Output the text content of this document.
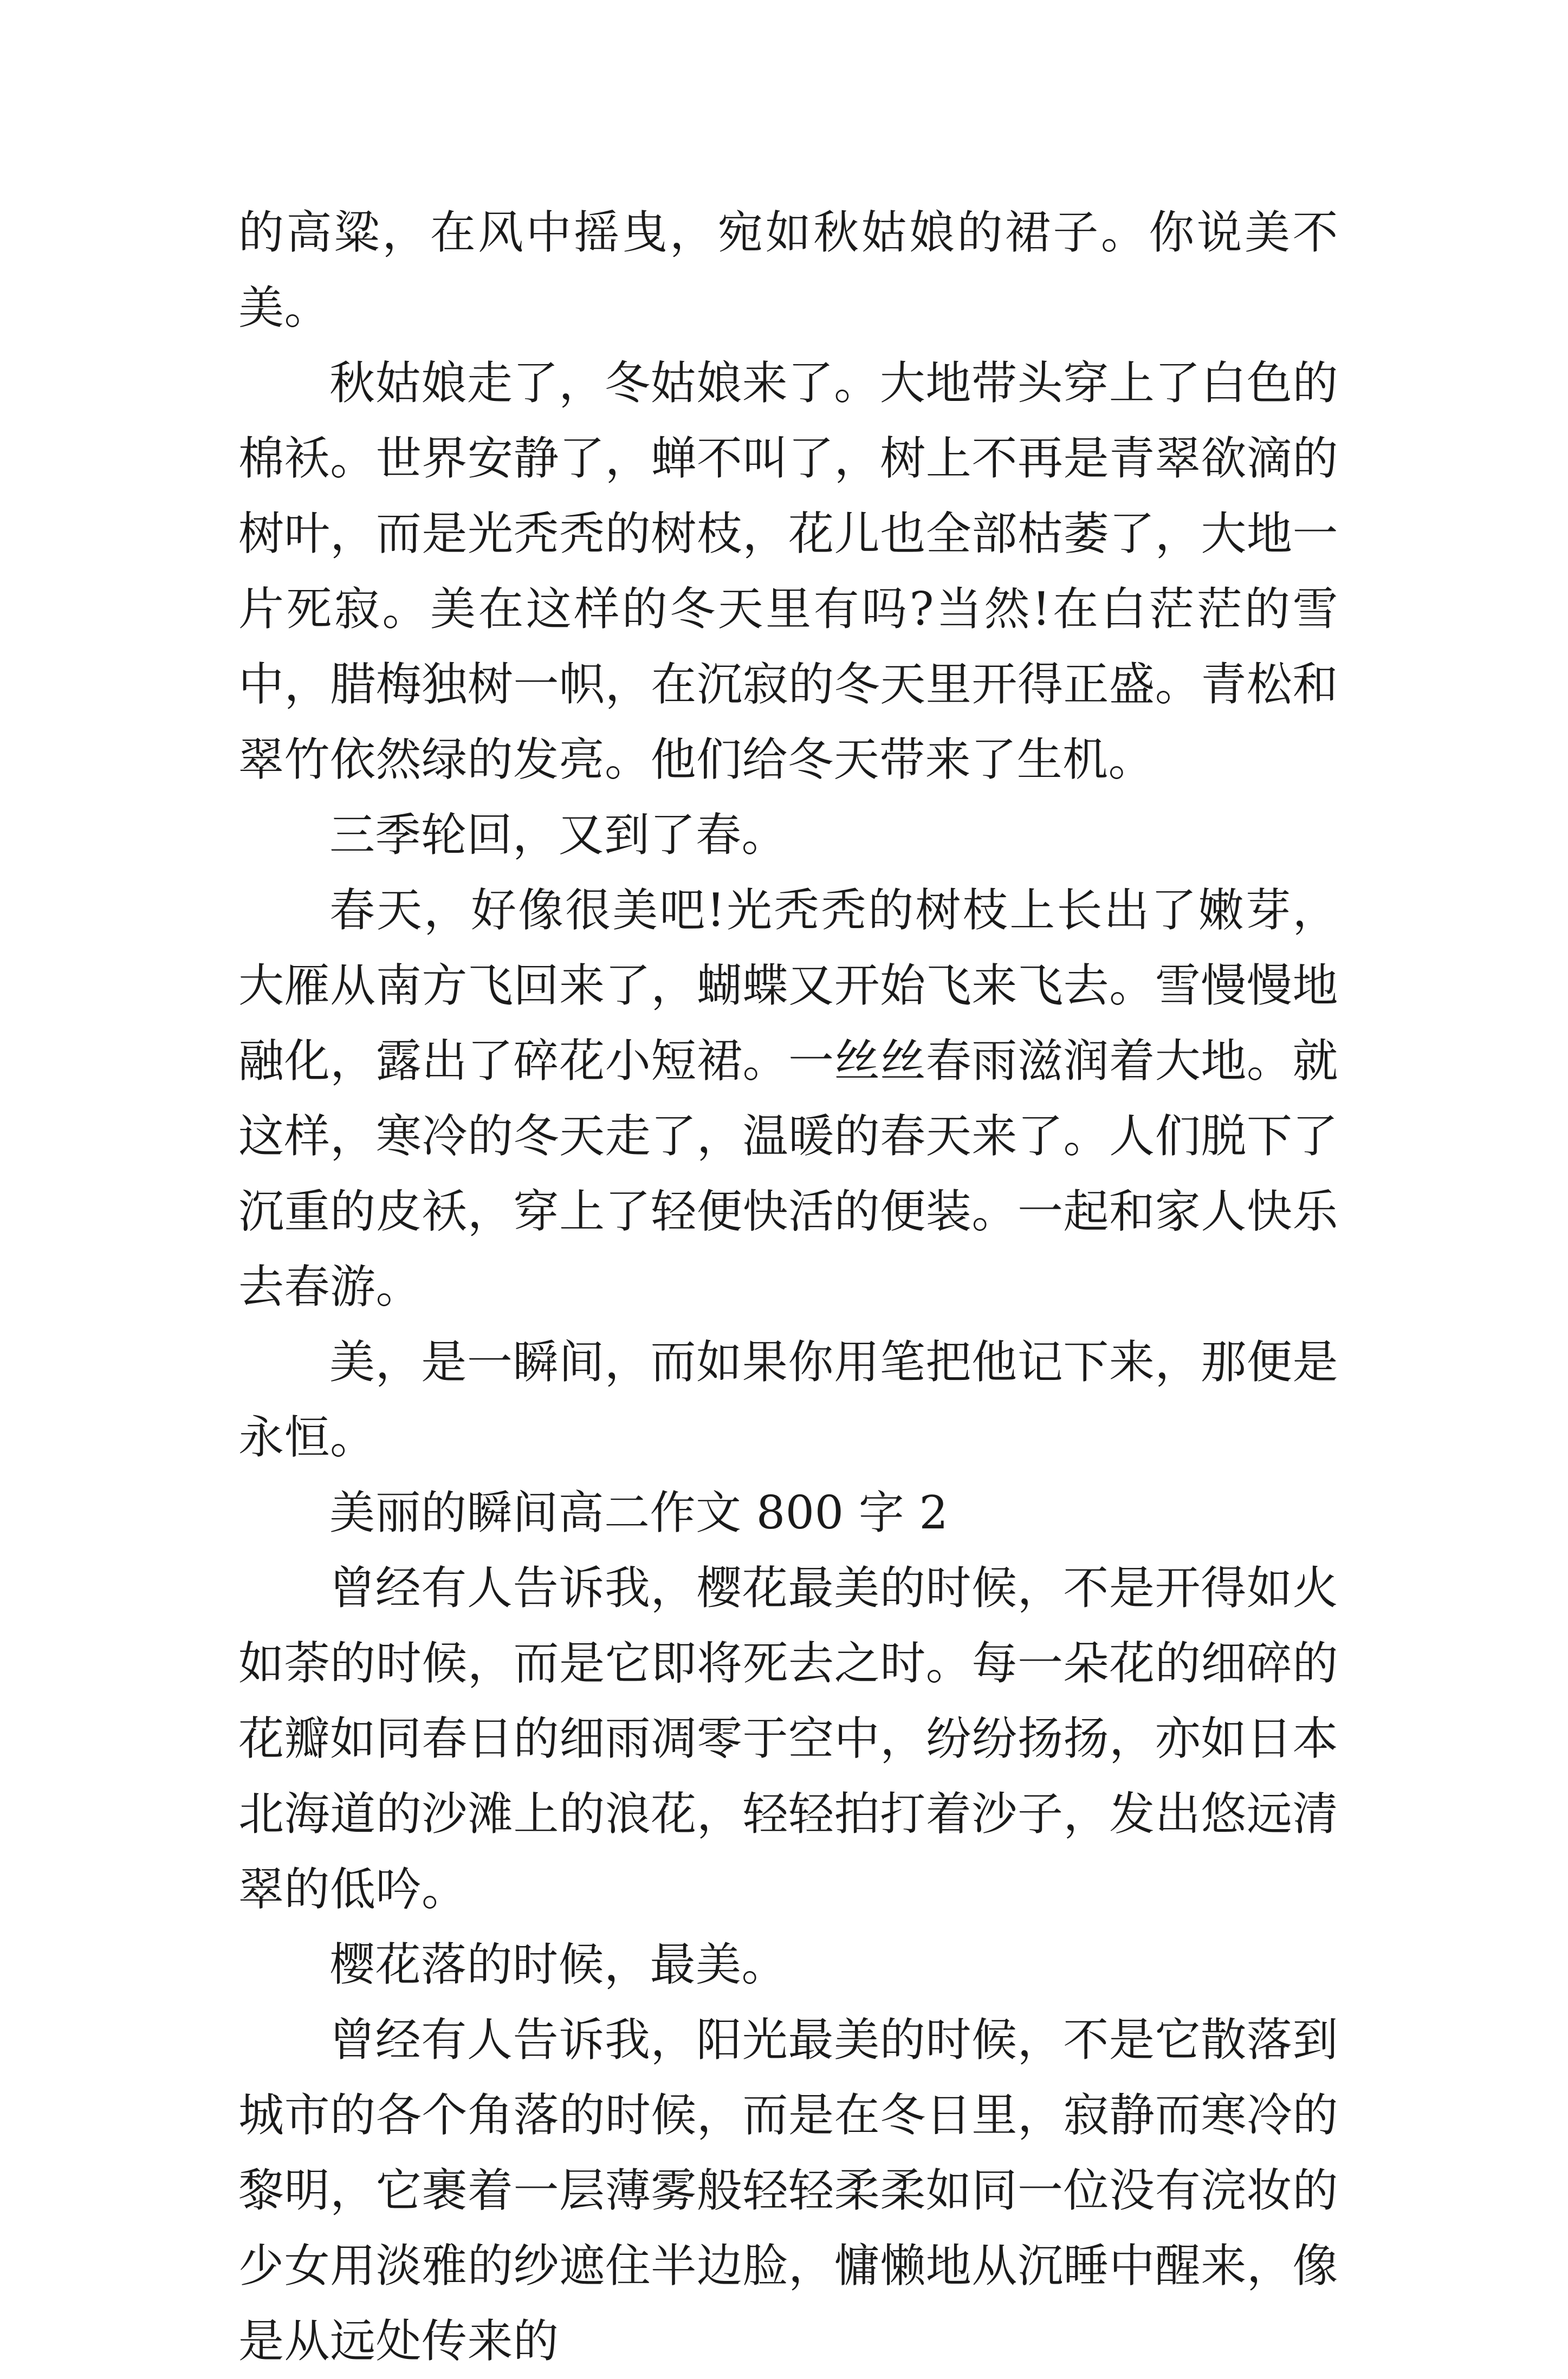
的高粱，在风中摇曳，宛如秋姑娘的裙子。你说美不美。

秋姑娘走了，冬姑娘来了。大地带头穿上了白色的棉袄。世界安静了，蝉不叫了，树上不再是青翠欲滴的树叶，而是光秃秃的树枝，花儿也全部枯萎了，大地一片死寂。美在这样的冬天里有吗?当然!在白茫茫的雪中，腊梅独树一帜，在沉寂的冬天里开得正盛。青松和翠竹依然绿的发亮。他们给冬天带来了生机。

三季轮回，又到了春。

春天，好像很美吧!光秃秃的树枝上长出了嫩芽，大雁从南方飞回来了，蝴蝶又开始飞来飞去。雪慢慢地融化，露出了碎花小短裙。一丝丝春雨滋润着大地。就这样，寒冷的冬天走了，温暖的春天来了。人们脱下了沉重的皮袄，穿上了轻便快活的便装。一起和家人快乐去春游。

美，是一瞬间，而如果你用笔把他记下来，那便是永恒。

美丽的瞬间高二作文 800 字 2

曾经有人告诉我，樱花最美的时候，不是开得如火如荼的时候，而是它即将死去之时。每一朵花的细碎的花瓣如同春日的细雨凋零于空中，纷纷扬扬，亦如日本北海道的沙滩上的浪花，轻轻拍打着沙子，发出悠远清翠的低吟。

樱花落的时候，最美。

曾经有人告诉我，阳光最美的时候，不是它散落到城市的各个角落的时候，而是在冬日里，寂静而寒冷的黎明，它裹着一层薄雾般轻轻柔柔如同一位没有浣妆的少女用淡雅的纱遮住半边脸，慵懒地从沉睡中醒来，像是从远处传来的
